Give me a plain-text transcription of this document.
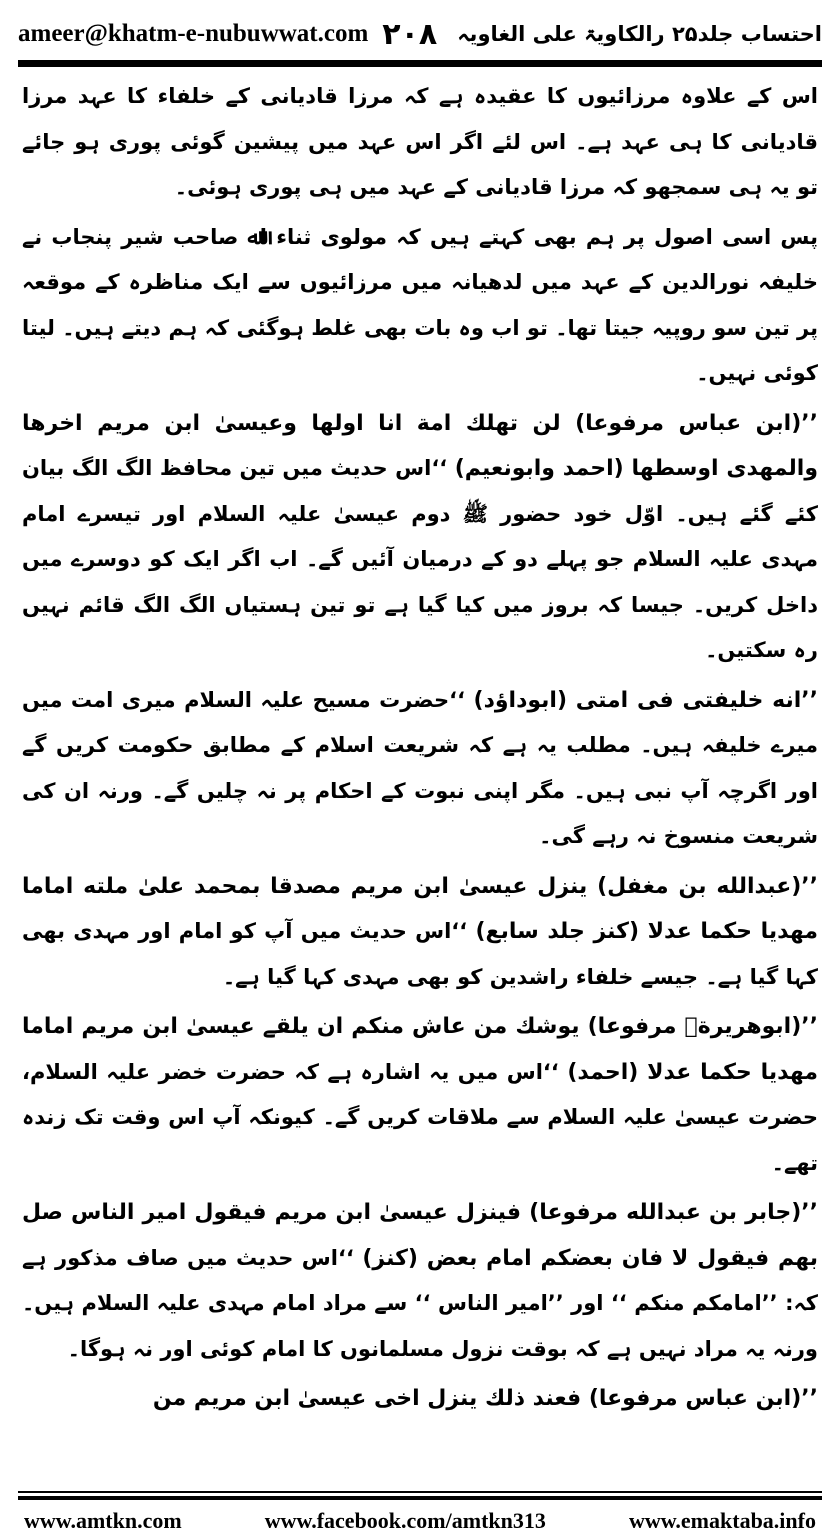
ameer@khatm-e-nubuwwat.com ۲۰۸ احتساب جلد۲۵ رالکاویۃ علی الغاویہ

اس کے علاوہ مرزائیوں کا عقیدہ ہے کہ مرزا قادیانی کے خلفاء کا عہد مرزا قادیانی کا ہی عہد ہے۔ اس لئے اگر اس عہد میں پیشین گوئی پوری ہو جائے تو یہ ہی سمجھو کہ مرزا قادیانی کے عہد میں ہی پوری ہوئی۔

پس اسی اصول پر ہم بھی کہتے ہیں کہ مولوی ثناء اﷲ صاحب شیر پنجاب نے خلیفہ نورالدین کے عہد میں لدھیانہ میں مرزائیوں سے ایک مناظرہ کے موقعہ پر تین سو روپیہ جیتا تھا۔ تو اب وہ بات بھی غلط ہوگئی کہ ہم دیتے ہیں۔ لیتا کوئی نہیں۔

’’(ابن عباس مرفوعا) لن تهلك امة انا اولها وعيسىٰ ابن مريم اخرها والمهدى اوسطها (احمد وابونعيم) ‘‘اس حدیث میں تین محافظ الگ الگ بیان کئے گئے ہیں۔ اوّل خود حضور ﷺ دوم عیسیٰ علیہ السلام اور تیسرے امام مہدی علیہ السلام جو پہلے دو کے درمیان آئیں گے۔ اب اگر ایک کو دوسرے میں داخل کریں۔ جیسا کہ بروز میں کیا گیا ہے تو تین ہستیاں الگ الگ قائم نہیں رہ سکتیں۔

’’انه خليفتى فى امتى (ابوداؤد) ‘‘حضرت مسیح علیہ السلام میری امت میں میرے خلیفہ ہیں۔ مطلب یہ ہے کہ شریعت اسلام کے مطابق حکومت کریں گے اور اگرچہ آپ نبی ہیں۔ مگر اپنی نبوت کے احکام پر نہ چلیں گے۔ ورنہ ان کی شریعت منسوخ نہ رہے گی۔

’’(عبدالله بن مغفل) ينزل عيسىٰ ابن مريم مصدقا بمحمد علىٰ ملته اماما مهديا حكما عدلا (كنز جلد سابع) ‘‘اس حدیث میں آپ کو امام اور مہدی بھی کہا گیا ہے۔ جیسے خلفاء راشدین کو بھی مہدی کہا گیا ہے۔

’’(ابوهريرةؓ مرفوعا) يوشك من عاش منكم ان يلقے عيسىٰ ابن مريم اماما مهديا حكما عدلا (احمد) ‘‘اس میں یہ اشارہ ہے کہ حضرت خضر علیہ السلام، حضرت عیسیٰ علیہ السلام سے ملاقات کریں گے۔ کیونکہ آپ اس وقت تک زندہ تھے۔

’’(جابر بن عبدالله مرفوعا) فينزل عيسىٰ ابن مريم فيقول امير الناس صل بهم فيقول لا فان بعضكم امام بعض (كنز) ‘‘اس حدیث میں صاف مذکور ہے کہ: ’’امامكم منكم ‘‘ اور ’’امير الناس ‘‘ سے مراد امام مہدی علیہ السلام ہیں۔ ورنہ یہ مراد نہیں ہے کہ بوقت نزول مسلمانوں کا امام کوئی اور نہ ہوگا۔

’’(ابن عباس مرفوعا) فعند ذلك ينزل اخى عيسىٰ ابن مريم من

www.amtkn.com	www.facebook.com/amtkn313	www.emaktaba.info
